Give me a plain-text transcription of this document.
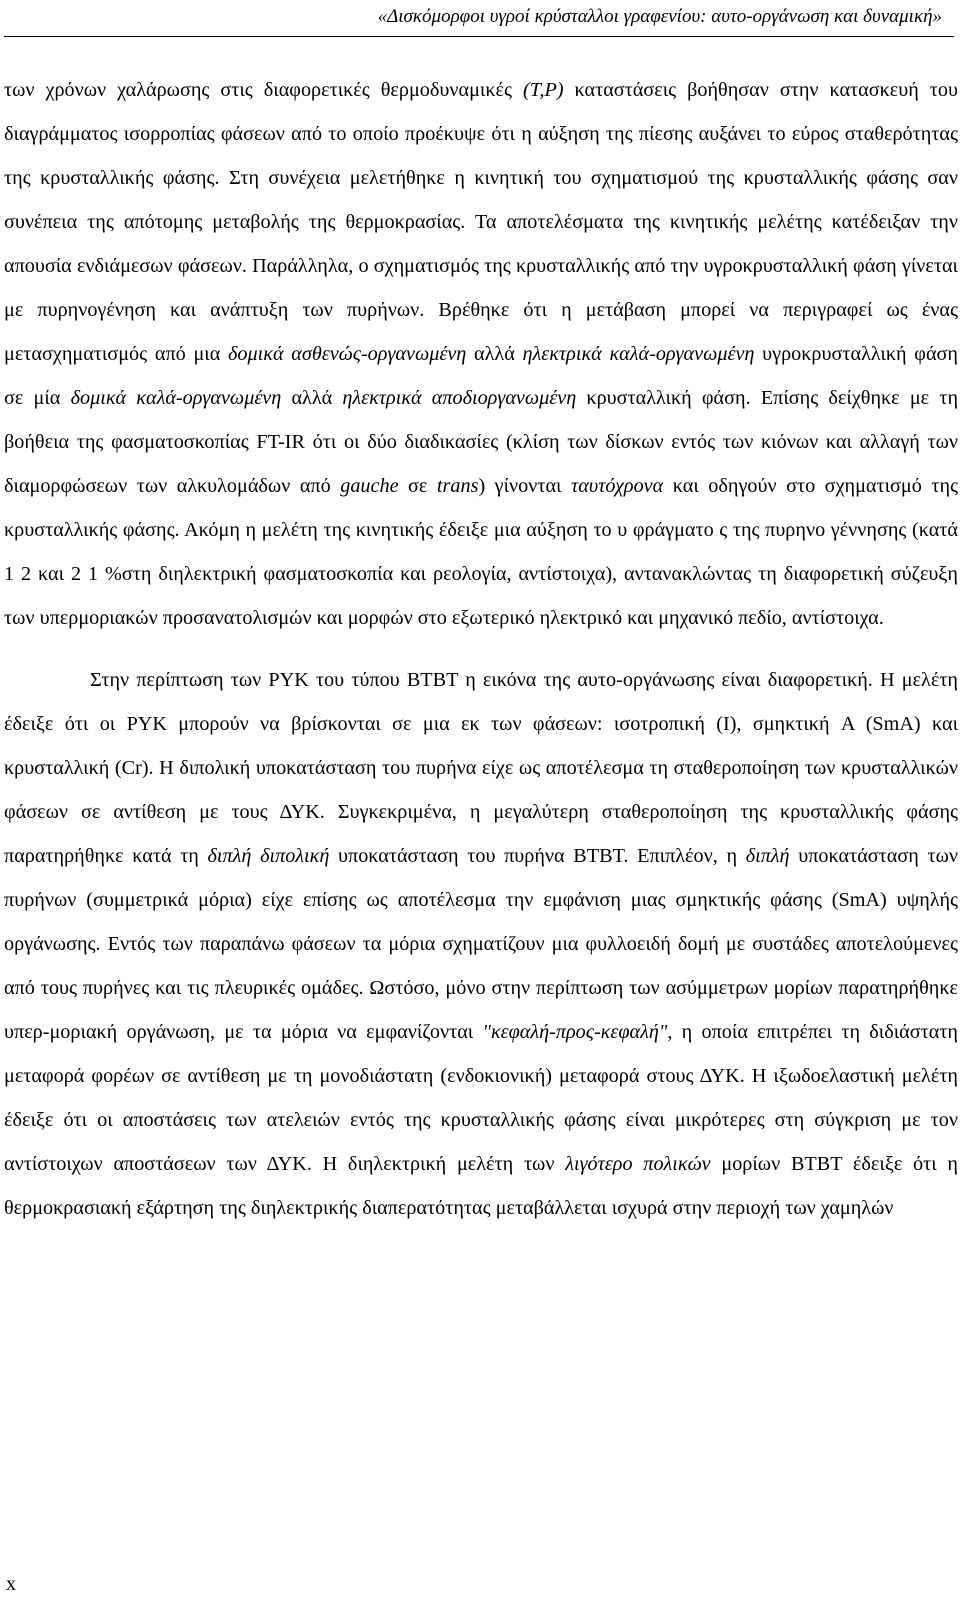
«Δισκόμορφοι υγροί κρύσταλλοι γραφενίου: αυτο-οργάνωση και δυναμική»

των χρόνων χαλάρωσης στις διαφορετικές θερμοδυναμικές (T,P) καταστάσεις βοήθησαν στην κατασκευή του διαγράμματος ισορροπίας φάσεων από το οποίο προέκυψε ότι η αύξηση της πίεσης αυξάνει το εύρος σταθερότητας της κρυσταλλικής φάσης. Στη συνέχεια μελετήθηκε η κινητική του σχηματισμού της κρυσταλλικής φάσης σαν συνέπεια της απότομης μεταβολής της θερμοκρασίας. Τα αποτελέσματα της κινητικής μελέτης κατέδειξαν την απουσία ενδιάμεσων φάσεων. Παράλληλα, ο σχηματισμός της κρυσταλλικής από την υγροκρυσταλλική φάση γίνεται με πυρηνογένηση και ανάπτυξη των πυρήνων. Βρέθηκε ότι η μετάβαση μπορεί να περιγραφεί ως ένας μετασχηματισμός από μια δομικά ασθενώς-οργανωμένη αλλά ηλεκτρικά καλά-οργανωμένη υγροκρυσταλλική φάση σε μία δομικά καλά-οργανωμένη αλλά ηλεκτρικά αποδιοργανωμένη κρυσταλλική φάση. Επίσης δείχθηκε με τη βοήθεια της φασματοσκοπίας FT-IR ότι οι δύο διαδικασίες (κλίση των δίσκων εντός των κιόνων και αλλαγή των διαμορφώσεων των αλκυλομάδων από gauche σε trans) γίνονται ταυτόχρονα και οδηγούν στο σχηματισμό της κρυσταλλικής φάσης. Ακόμη η μελέτη της κινητικής έδειξε μια αύξηση το υ φράγματο ς της πυρηνο γέννησης (κατά 1 2 και 2 1 %στη διηλεκτρική φασματοσκοπία και ρεολογία, αντίστοιχα), αντανακλώντας τη διαφορετική σύζευξη των υπερμοριακών προσανατολισμών και μορφών στο εξωτερικό ηλεκτρικό και μηχανικό πεδίο, αντίστοιχα.

Στην περίπτωση των ΡΥΚ του τύπου BTBT η εικόνα της αυτο-οργάνωσης είναι διαφορετική. Η μελέτη έδειξε ότι οι ΡΥΚ μπορούν να βρίσκονται σε μια εκ των φάσεων: ισοτροπική (I), σμηκτική A (SmA) και κρυσταλλική (Cr). Η διπολική υποκατάσταση του πυρήνα είχε ως αποτέλεσμα τη σταθεροποίηση των κρυσταλλικών φάσεων σε αντίθεση με τους ΔΥΚ. Συγκεκριμένα, η μεγαλύτερη σταθεροποίηση της κρυσταλλικής φάσης παρατηρήθηκε κατά τη διπλή διπολική υποκατάσταση του πυρήνα BTBT. Επιπλέον, η διπλή υποκατάσταση των πυρήνων (συμμετρικά μόρια) είχε επίσης ως αποτέλεσμα την εμφάνιση μιας σμηκτικής φάσης (SmA) υψηλής οργάνωσης. Εντός των παραπάνω φάσεων τα μόρια σχηματίζουν μια φυλλοειδή δομή με συστάδες αποτελούμενες από τους πυρήνες και τις πλευρικές ομάδες. Ωστόσο, μόνο στην περίπτωση των ασύμμετρων μορίων παρατηρήθηκε υπερ-μοριακή οργάνωση, με τα μόρια να εμφανίζονται "κεφαλή-προς-κεφαλή", η οποία επιτρέπει τη διδιάστατη μεταφορά φορέων σε αντίθεση με τη μονοδιάστατη (ενδοκιονική) μεταφορά στους ΔΥΚ. Η ιξωδοελαστική μελέτη έδειξε ότι οι αποστάσεις των ατελειών εντός της κρυσταλλικής φάσης είναι μικρότερες στη σύγκριση με τον αντίστοιχων αποστάσεων των ΔΥΚ. Η διηλεκτρική μελέτη των λιγότερο πολικών μορίων BTBT έδειξε ότι η θερμοκρασιακή εξάρτηση της διηλεκτρικής διαπερατότητας μεταβάλλεται ισχυρά στην περιοχή των χαμηλών

x
